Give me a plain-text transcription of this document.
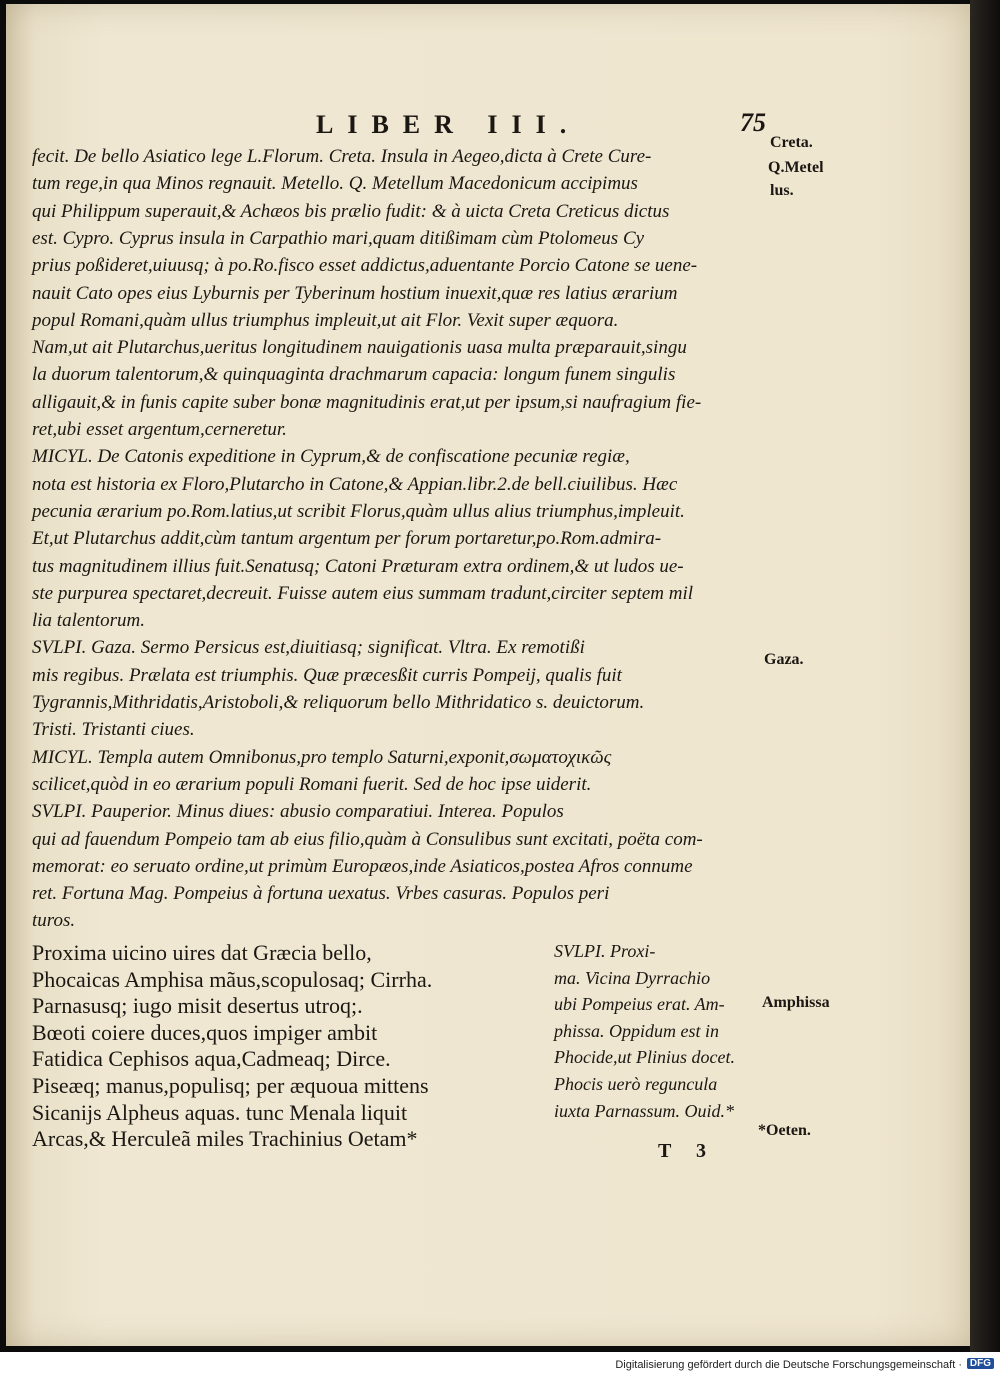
LIBER III.	75
fecit. De bello Asiatico lege L.Florum. Creta. Insula in Aegeo,dicta à Crete Cure-
tum rege,in qua Minos regnauit. Metello. Q. Metellum Macedonicum accipimus
qui Philippum superauit,& Achæos bis prælio fudit: & à uicta Creta Creticus dictus
est. Cypro. Cyprus insula in Carpathio mari,quam ditißimam cùm Ptolomeus Cy
prius poßideret,uiuusq; à po.Ro.fisco esset addictus,aduentante Porcio Catone se uene-
nauit Cato opes eius Lyburnis per Tyberinum hostium inuexit,quæ res latius ærarium
popul Romani,quàm ullus triumphus impleuit,ut ait Flor. Vexit super æquora.
Nam,ut ait Plutarchus,ueritus longitudinem nauigationis uasa multa præparauit,singu
la duorum talentorum,& quinquaginta drachmarum capacia: longum funem singulis
alligauit,& in funis capite suber bonæ magnitudinis erat,ut per ipsum,si naufragium fie-
ret,ubi esset argentum,cerneretur.
MICYL. De Catonis expeditione in Cyprum,& de confiscatione pecuniæ regiæ,
nota est historia ex Floro,Plutarcho in Catone,& Appian.libr.2.de bell.ciuilibus. Hæc
pecunia ærarium po.Rom.latius,ut scribit Florus,quàm ullus alius triumphus,impleuit.
Et,ut Plutarchus addit,cùm tantum argentum per forum portaretur,po.Rom.admira-
tus magnitudinem illius fuit.Senatusq; Catoni Præturam extra ordinem,& ut ludos ue-
ste purpurea spectaret,decreuit. Fuisse autem eius summam tradunt,circiter septem mil
lia talentorum.
SVLPI. Gaza. Sermo Persicus est,diuitiasq; significat. Vltra. Ex remotißi
mis regibus. Prælata est triumphis. Quæ præcesßit curris Pompeij, qualis fuit
Tygrannis,Mithridatis,Aristoboli,& reliquorum bello Mithridatico s. deuictorum.
Tristi. Tristanti ciues.
MICYL. Templa autem Omnibonus,pro templo Saturni,exponit,σωματοχικῶς
scilicet,quòd in eo ærarium populi Romani fuerit. Sed de hoc ipse uiderit.
SVLPI. Pauperior. Minus diues: abusio comparatiui. Interea. Populos
qui ad fauendum Pompeio tam ab eius filio,quàm à Consulibus sunt excitati, poëta com-
memorat: eo seruato ordine,ut primùm Europæos,inde Asiaticos,postea Afros connume
ret. Fortuna Mag. Pompeius à fortuna uexatus. Vrbes casuras. Populos peri
turos.
Creta.
Q.Metel
lus.
Gaza.
Amphissa
*Oeten.
Proxima uicino uires dat Græcia bello,
Phocaicas Amphisa mãus,scopulosaq; Cirrha.
Parnasusq; iugo misit desertus utroq;.
Bœoti coiere duces,quos impiger ambit
Fatidica Cephisos aqua,Cadmeaq; Dirce.
Piseæq; manus,populisq; per æquoua mittens
Sicanijs Alpheus aquas. tunc Menala liquit
Arcas,& Herculeã miles Trachinius Oetam*
SVLPI. Proxi-
ma. Vicina Dyrrachio
ubi Pompeius erat. Am-
phissa. Oppidum est in
Phocide,ut Plinius docet.
Phocis uerò reguncula
iuxta Parnassum. Ouid.*
T 3
Digitalisierung gefördert durch die Deutsche Forschungsgemeinschaft · DFG
